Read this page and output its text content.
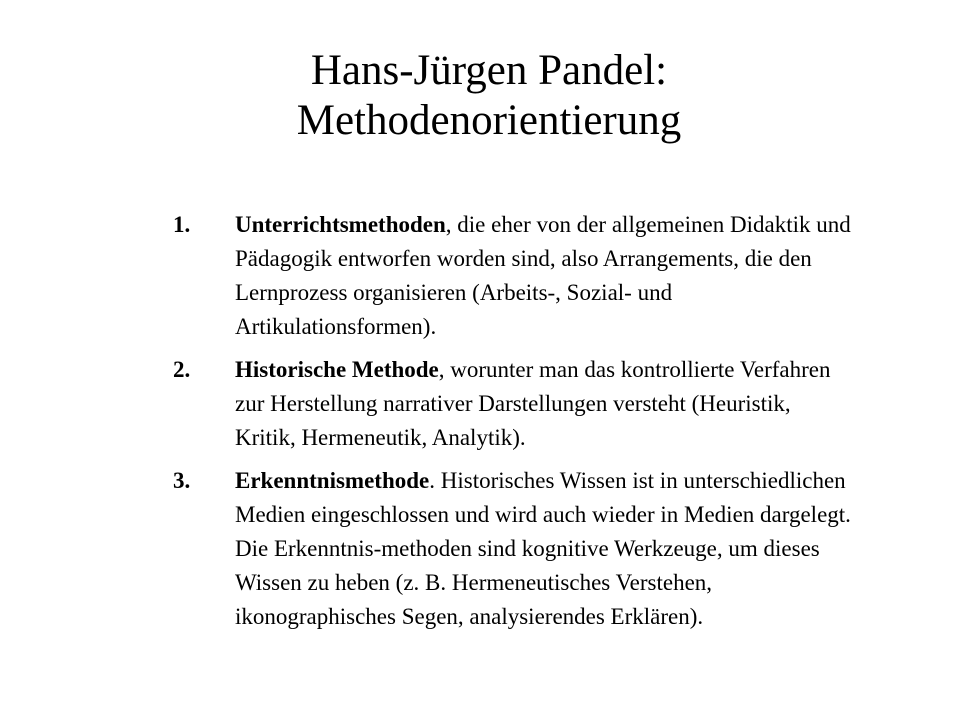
Hans-Jürgen Pandel:
Methodenorientierung
1.	Unterrichtsmethoden, die eher von der allgemeinen Didaktik und Pädagogik entworfen worden sind, also Arrangements, die den Lernprozess organisieren (Arbeits-, Sozial- und Artikulationsformen).
2.	Historische Methode, worunter man das kontrollierte Verfahren zur Herstellung narrativer Darstellungen versteht (Heuristik, Kritik, Hermeneutik, Analytik).
3.	Erkenntnismethode. Historisches Wissen ist in unterschiedlichen Medien eingeschlossen und wird auch wieder in Medien dargelegt. Die Erkenntnis-methoden sind kognitive Werkzeuge, um dieses Wissen zu heben (z. B. Hermeneutisches Verstehen, ikonographisches Segen, analysierendes Erklären).
